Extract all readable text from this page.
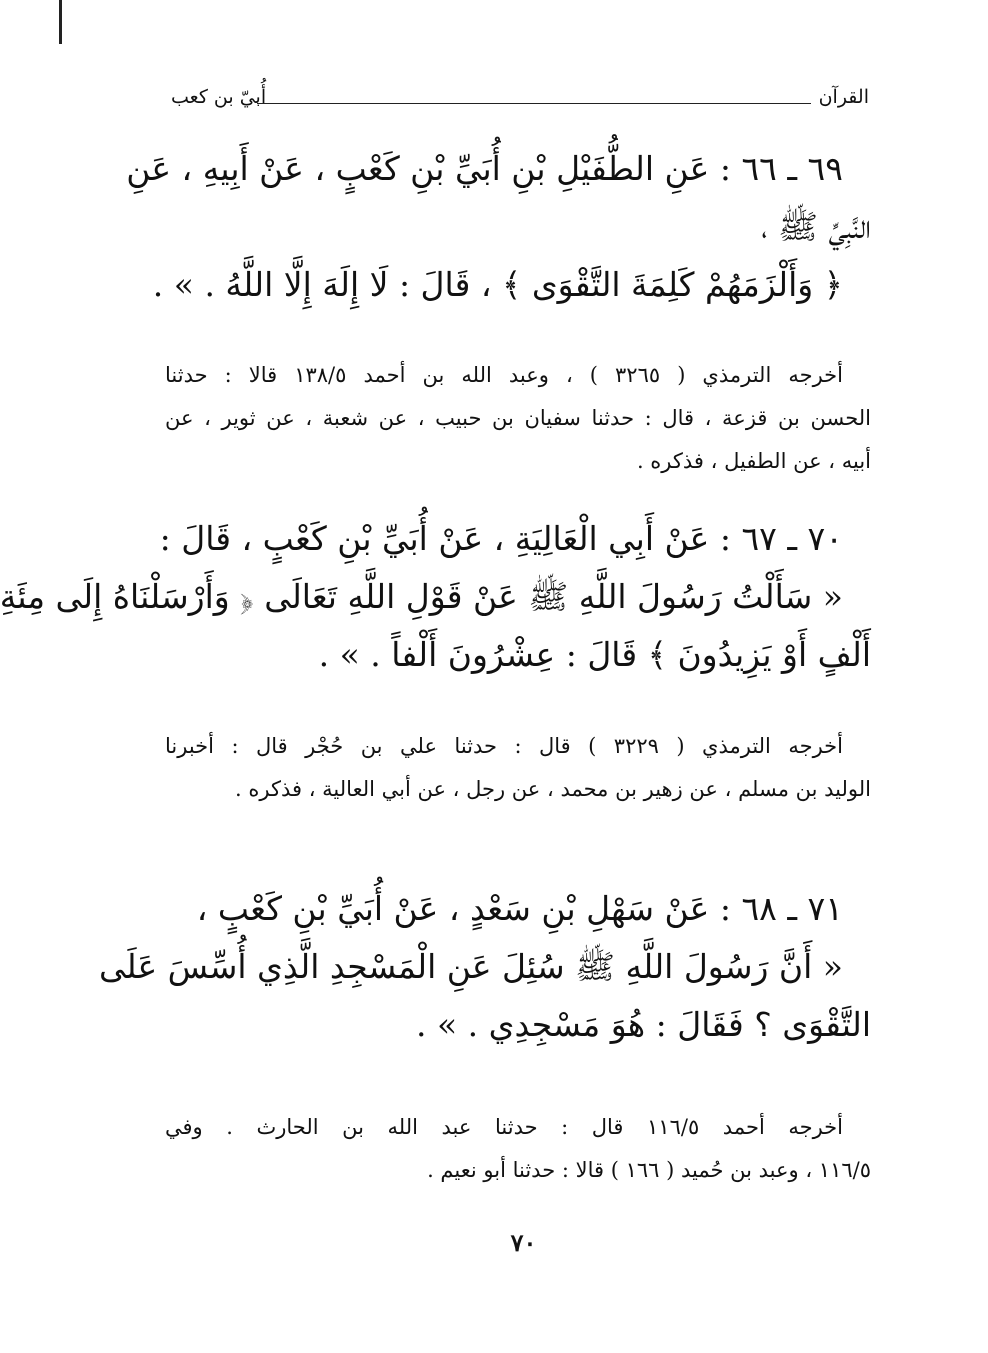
القرآن
أُبيّ بن كعب
٦٩ ـ ٦٦ : عَنِ الطُّفَيْلِ بْنِ أُبَيِّ بْنِ كَعْبٍ ، عَنْ أَبِيهِ ، عَنِ
النَّبِيِّ ﷺ ،
﴿ وَأَلْزَمَهُمْ كَلِمَةَ التَّقْوَى ﴾ ، قَالَ : لَا إِلَهَ إِلَّا اللَّهُ . » .
أخرجه الترمذي ( ٣٢٦٥ ) ، وعبد الله بن أحمد ١٣٨/٥ قالا : حدثنا
الحسن بن قزعة ، قال : حدثنا سفيان بن حبيب ، عن شعبة ، عن ثوير ، عن
أبيه ، عن الطفيل ، فذكره .
٧٠ ـ ٦٧ : عَنْ أَبِي الْعَالِيَةِ ، عَنْ أُبَيِّ بْنِ كَعْبٍ ، قَالَ :
« سَأَلْتُ رَسُولَ اللَّهِ ﷺ عَنْ قَوْلِ اللَّهِ تَعَالَى ﴿ وَأَرْسَلْنَاهُ إِلَى مِئَةِ
أَلْفٍ أَوْ يَزِيدُونَ ﴾ قَالَ : عِشْرُونَ أَلْفاً . » .
أخرجه الترمذي ( ٣٢٢٩ ) قال : حدثنا علي بن حُجْر قال : أخبرنا
الوليد بن مسلم ، عن زهير بن محمد ، عن رجل ، عن أبي العالية ، فذكره .
٧١ ـ ٦٨ : عَنْ سَهْلِ بْنِ سَعْدٍ ، عَنْ أُبَيِّ بْنِ كَعْبٍ ،
« أَنَّ رَسُولَ اللَّهِ ﷺ سُئِلَ عَنِ الْمَسْجِدِ الَّذِي أُسِّسَ عَلَى
التَّقْوَى ؟ فَقَالَ : هُوَ مَسْجِدِي . » .
أخرجه أحمد ١١٦/٥ قال : حدثنا عبد الله بن الحارث . وفي
١١٦/٥ ، وعبد بن حُميد ( ١٦٦ ) قالا : حدثنا أبو نعيم .
٧٠
